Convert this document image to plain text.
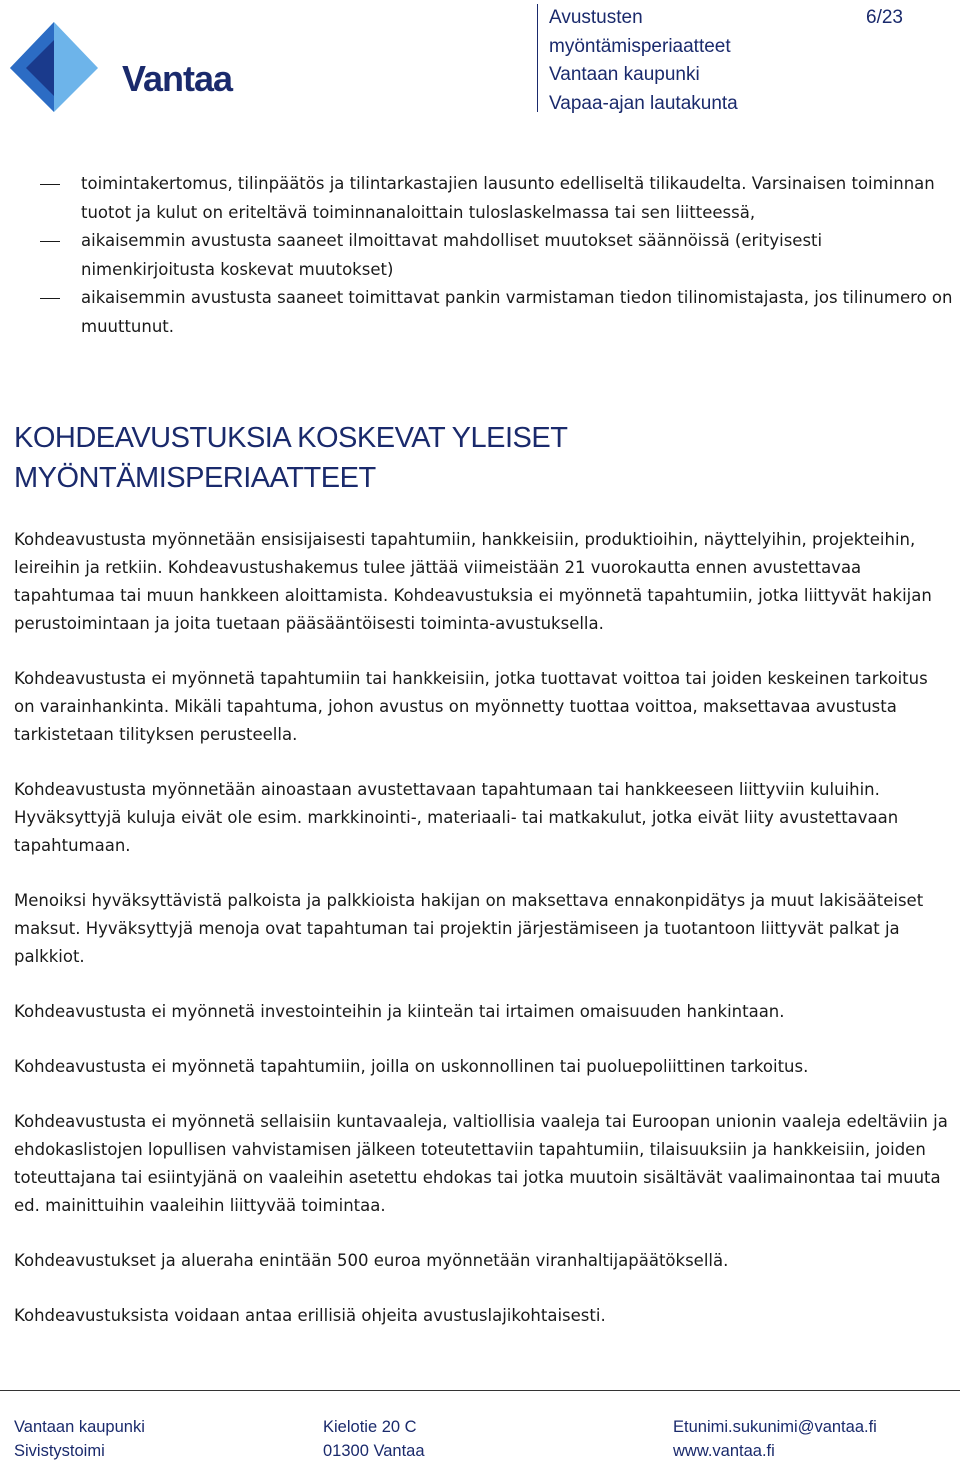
Vantaa
Avustusten
myöntämisperiaatteet
Vantaan kaupunki
Vapaa-ajan lautakunta
6/23
toimintakertomus, tilinpäätös ja tilintarkastajien lausunto edelliseltä tilikaudelta. Varsinaisen toiminnan tuotot ja kulut on eriteltävä toiminnanaloittain tuloslaskelmassa tai sen liitteessä,
aikaisemmin avustusta saaneet ilmoittavat mahdolliset muutokset säännöissä (erityisesti nimenkirjoitusta koskevat muutokset)
aikaisemmin avustusta saaneet toimittavat pankin varmistaman tiedon tilinomistajasta, jos tilinumero on muuttunut.
KOHDEAVUSTUKSIA KOSKEVAT YLEISET
MYÖNTÄMISPERIAATTEET

Kohdeavustusta myönnetään ensisijaisesti tapahtumiin, hankkeisiin, produktioihin, näyttelyihin, projekteihin, leireihin ja retkiin. Kohdeavustushakemus tulee jättää viimeistään 21 vuorokautta ennen avustettavaa tapahtumaa tai muun hankkeen aloittamista. Kohdeavustuksia ei myönnetä tapahtumiin, jotka liittyvät hakijan perustoimintaan ja joita tuetaan pääsääntöisesti toiminta-avustuksella.

Kohdeavustusta ei myönnetä tapahtumiin tai hankkeisiin, jotka tuottavat voittoa tai joiden keskeinen tarkoitus on varainhankinta. Mikäli tapahtuma, johon avustus on myönnetty tuottaa voittoa, maksettavaa avustusta tarkistetaan tilityksen perusteella.

Kohdeavustusta myönnetään ainoastaan avustettavaan tapahtumaan tai hankkeeseen liittyviin kuluihin. Hyväksyttyjä kuluja eivät ole esim. markkinointi-, materiaali- tai matkakulut, jotka eivät liity avustettavaan tapahtumaan.

Menoiksi hyväksyttävistä palkoista ja palkkioista hakijan on maksettava ennakonpidätys ja muut lakisääteiset maksut. Hyväksyttyjä menoja ovat tapahtuman tai projektin järjestämiseen ja tuotantoon liittyvät palkat ja palkkiot.

Kohdeavustusta ei myönnetä investointeihin ja kiinteän tai irtaimen omaisuuden hankintaan.

Kohdeavustusta ei myönnetä tapahtumiin, joilla on uskonnollinen tai puoluepoliittinen tarkoitus.

Kohdeavustusta ei myönnetä sellaisiin kuntavaaleja, valtiollisia vaaleja tai Euroopan unionin vaaleja edeltäviin ja ehdokaslistojen lopullisen vahvistamisen jälkeen toteutettaviin tapahtumiin, tilaisuuksiin ja hankkeisiin, joiden toteuttajana tai esiintyjänä on vaaleihin asetettu ehdokas tai jotka muutoin sisältävät vaalimainontaa tai muuta ed. mainittuihin vaaleihin liittyvää toimintaa.

Kohdeavustukset ja alueraha enintään 500 euroa myönnetään viranhaltijapäätöksellä.

Kohdeavustuksista voidaan antaa erillisiä ohjeita avustuslajikohtaisesti.

Vantaan kaupunki
Sivistystoimi
Kielotie 20 C
01300 Vantaa
Etunimi.sukunimi@vantaa.fi
www.vantaa.fi
